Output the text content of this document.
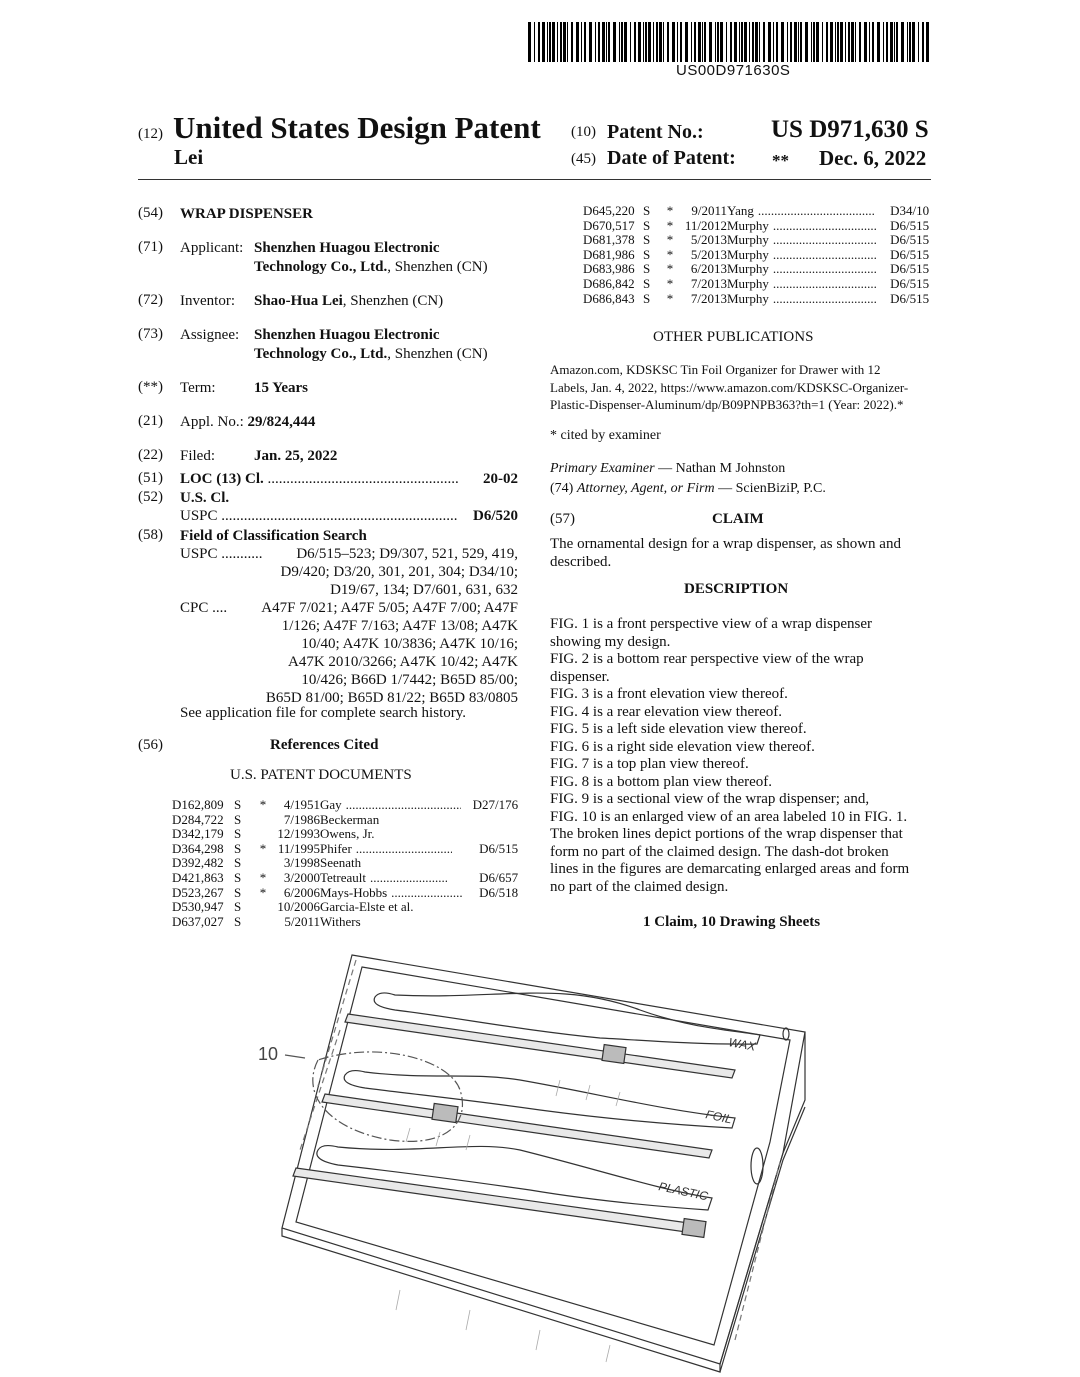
US00D971630S
(12) United States Design Patent
Lei
(10) Patent No.:	US D971,630 S
(45) Date of Patent: ** Dec. 6, 2022
(54) WRAP DISPENSER
(71) Applicant: Shenzhen Huagou Electronic
Technology Co., Ltd., Shenzhen (CN)
(72) Inventor: Shao-Hua Lei, Shenzhen (CN)
(73) Assignee: Shenzhen Huagou Electronic
Technology Co., Ltd., Shenzhen (CN)
(**) Term:	15 Years
(21) Appl. No.: 29/824,444
(22) Filed:	Jan. 25, 2022
(51) LOC (13) Cl. .....	20-02
(52) U.S. Cl.
USPC .....	D6/520
(58) Field of Classification Search
USPC ...........	D6/515–523; D9/307, 521, 529, 419,
D9/420; D3/20, 301, 201, 304; D34/10;
D19/67, 134; D7/601, 631, 632
CPC ....	A47F 7/021; A47F 5/05; A47F 7/00; A47F
1/126; A47F 7/163; A47F 13/08; A47K
10/40; A47K 10/3836; A47K 10/16;
A47K 2010/3266; A47K 10/42; A47K
10/426; B66D 1/7442; B65D 85/00;
B65D 81/00; B65D 81/22; B65D 83/0805
See application file for complete search history.
(56)	References Cited
U.S. PATENT DOCUMENTS
D162,809	S	*	4/1951	Gay.....	D27/176
D284,722	S		7/1986	Beckerman	
D342,179	S		12/1993	Owens, Jr.	
D364,298	S	*	11/1995	Phifer.....	D6/515
D392,482	S		3/1998	Seenath	
D421,863	S	*	3/2000	Tetreault.....	D6/657
D523,267	S	*	6/2006	Mays-Hobbs.....	D6/518
D530,947	S		10/2006	Garcia-Elste et al.	
D637,027	S		5/2011	Withers	
D645,220	S	*	9/2011	Yang.....	D34/10
D670,517	S	*	11/2012	Murphy.....	D6/515
D681,378	S	*	5/2013	Murphy.....	D6/515
D681,986	S	*	5/2013	Murphy.....	D6/515
D683,986	S	*	6/2013	Murphy.....	D6/515
D686,842	S	*	7/2013	Murphy.....	D6/515
D686,843	S	*	7/2013	Murphy.....	D6/515
OTHER PUBLICATIONS
Amazon.com, KDSKSC Tin Foil Organizer for Drawer with 12
Labels, Jan. 4, 2022, https://www.amazon.com/KDSKSC-Organizer-
Plastic-Dispenser-Aluminum/dp/B09PNPB363?th=1 (Year: 2022).*
* cited by examiner
Primary Examiner — Nathan M Johnston
(74) Attorney, Agent, or Firm — ScienBiziP, P.C.
(57)	CLAIM
The ornamental design for a wrap dispenser, as shown and
described.
DESCRIPTION
FIG. 1 is a front perspective view of a wrap dispenser
showing my design.
FIG. 2 is a bottom rear perspective view of the wrap
dispenser.
FIG. 3 is a front elevation view thereof.
FIG. 4 is a rear elevation view thereof.
FIG. 5 is a left side elevation view thereof.
FIG. 6 is a right side elevation view thereof.
FIG. 7 is a top plan view thereof.
FIG. 8 is a bottom plan view thereof.
FIG. 9 is a sectional view of the wrap dispenser; and,
FIG. 10 is an enlarged view of an area labeled 10 in FIG. 1.
The broken lines depict portions of the wrap dispenser that
form no part of the claimed design. The dash-dot broken
lines in the figures are demarcating enlarged areas and form
no part of the claimed design.
1 Claim, 10 Drawing Sheets
10	WAX
FOIL
PLASTIC
